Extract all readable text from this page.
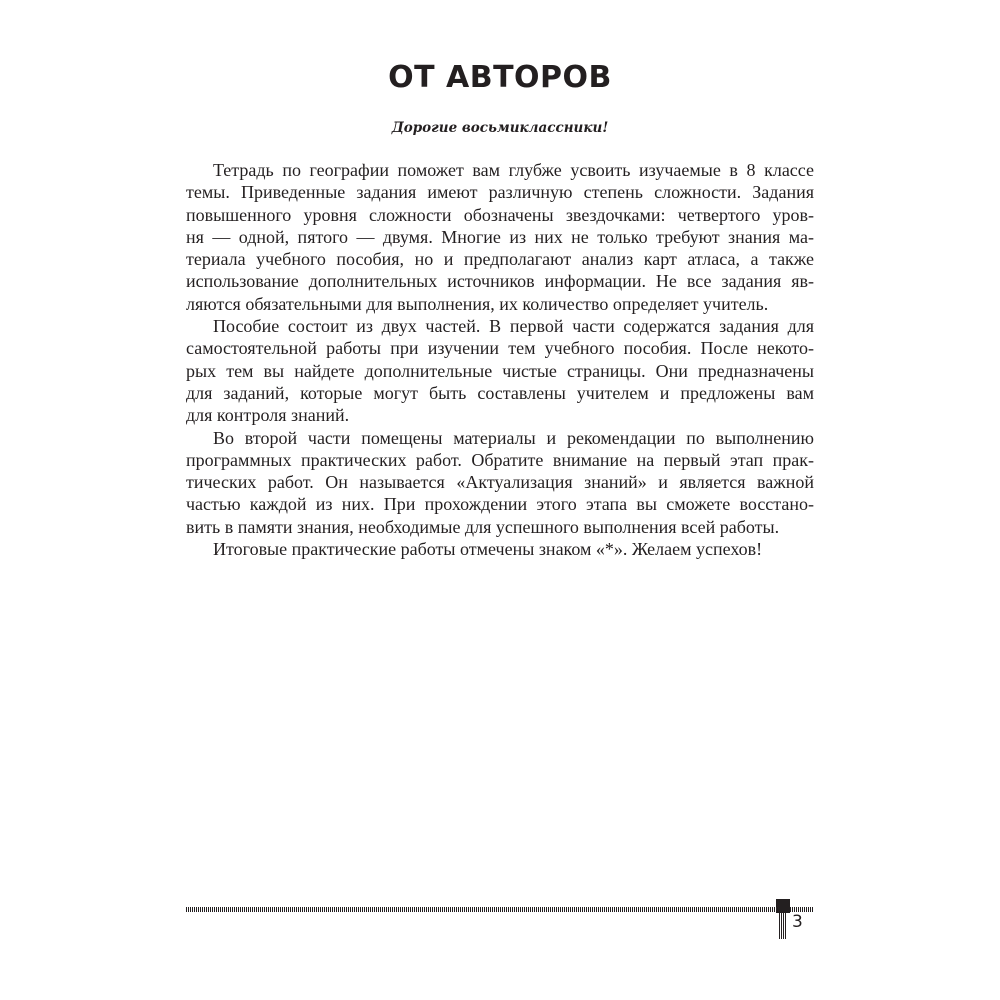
ОТ АВТОРОВ

Дорогие восьмиклассники!

Тетрадь по географии поможет вам глубже усвоить изучаемые в 8 классе
темы. Приведенные задания имеют различную степень сложности. Задания
повышенного уровня сложности обозначены звездочками: четвертого уров-
ня — одной, пятого — двумя. Многие из них не только требуют знания ма-
териала учебного пособия, но и предполагают анализ карт атласа, а также
использование дополнительных источников информации. Не все задания яв-
ляются обязательными для выполнения, их количество определяет учитель.

Пособие состоит из двух частей. В первой части содержатся задания для
самостоятельной работы при изучении тем учебного пособия. После некото-
рых тем вы найдете дополнительные чистые страницы. Они предназначены
для заданий, которые могут быть составлены учителем и предложены вам
для контроля знаний.

Во второй части помещены материалы и рекомендации по выполнению
программных практических работ. Обратите внимание на первый этап прак-
тических работ. Он называется «Актуализация знаний» и является важной
частью каждой из них. При прохождении этого этапа вы сможете восстано-
вить в памяти знания, необходимые для успешного выполнения всей работы.

Итоговые практические работы отмечены знаком «*». Желаем успехов!

3
